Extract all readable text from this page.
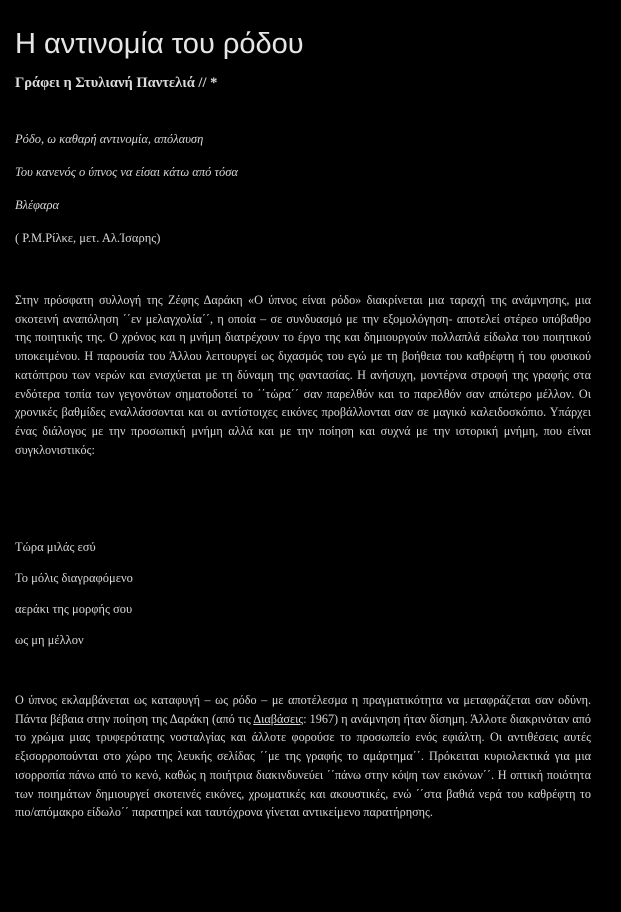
Η αντινομία του ρόδου
Γράφει η Στυλιανή Παντελιά // *
Ρόδο, ω καθαρή αντινομία, απόλαυση
Του κανενός ο ύπνος να είσαι κάτω από τόσα
Βλέφαρα
( Ρ.Μ.Ρίλκε, μετ. Αλ.Ίσαρης)

Στην πρόσφατη συλλογή της Ζέφης Δαράκη «Ο ύπνος είναι ρόδο» διακρίνεται μια ταραχή της ανάμνησης, μια σκοτεινή αναπόληση ΄΄εν μελαγχολία΄΄, η οποία – σε συνδυασμό με την εξομολόγηση- αποτελεί στέρεο υπόβαθρο της ποιητικής της. Ο χρόνος και η μνήμη διατρέχουν το έργο της και δημιουργούν πολλαπλά είδωλα του ποιητικού υποκειμένου. Η παρουσία του Άλλου λειτουργεί ως διχασμός του εγώ με τη βοήθεια του καθρέφτη ή του φυσικού κατόπτρου των νερών και ενισχύεται με τη δύναμη της φαντασίας. Η ανήσυχη, μοντέρνα στροφή της γραφής στα ενδότερα τοπία των γεγονότων σηματοδοτεί το ΄΄τώρα΄΄ σαν παρελθόν και το παρελθόν σαν απώτερο μέλλον. Οι χρονικές βαθμίδες εναλλάσσονται και οι αντίστοιχες εικόνες προβάλλονται σαν σε μαγικό καλειδοσκόπιο. Υπάρχει ένας διάλογος με την προσωπική μνήμη αλλά και με την ποίηση και συχνά με την ιστορική μνήμη, που είναι συγκλονιστικός:

Τώρα μιλάς εσύ
Το μόλις διαγραφόμενο
αεράκι της μορφής σου
ως μη μέλλον

Ο ύπνος εκλαμβάνεται ως καταφυγή – ως ρόδο – με αποτέλεσμα η πραγματικότητα να μεταφράζεται σαν οδύνη. Πάντα βέβαια στην ποίηση της Δαράκη (από τις Διαβάσεις: 1967) η ανάμνηση ήταν δίσημη. Άλλοτε διακρινόταν από το χρώμα μιας τρυφερότατης νοσταλγίας και άλλοτε φορούσε το προσωπείο ενός εφιάλτη. Οι αντιθέσεις αυτές εξισορροπούνται στο χώρο της λευκής σελίδας ΄΄με της γραφής το αμάρτημα΄΄. Πρόκειται κυριολεκτικά για μια ισορροπία πάνω από το κενό, καθώς η ποιήτρια διακινδυνεύει ΄΄πάνω στην κόψη των εικόνων΄΄. Η οπτική ποιότητα των ποιημάτων δημιουργεί σκοτεινές εικόνες, χρωματικές και ακουστικές, ενώ ΄΄στα βαθιά νερά του καθρέφτη το πιο/απόμακρο είδωλο΄΄ παρατηρεί και ταυτόχρονα γίνεται αντικείμενο παρατήρησης.
